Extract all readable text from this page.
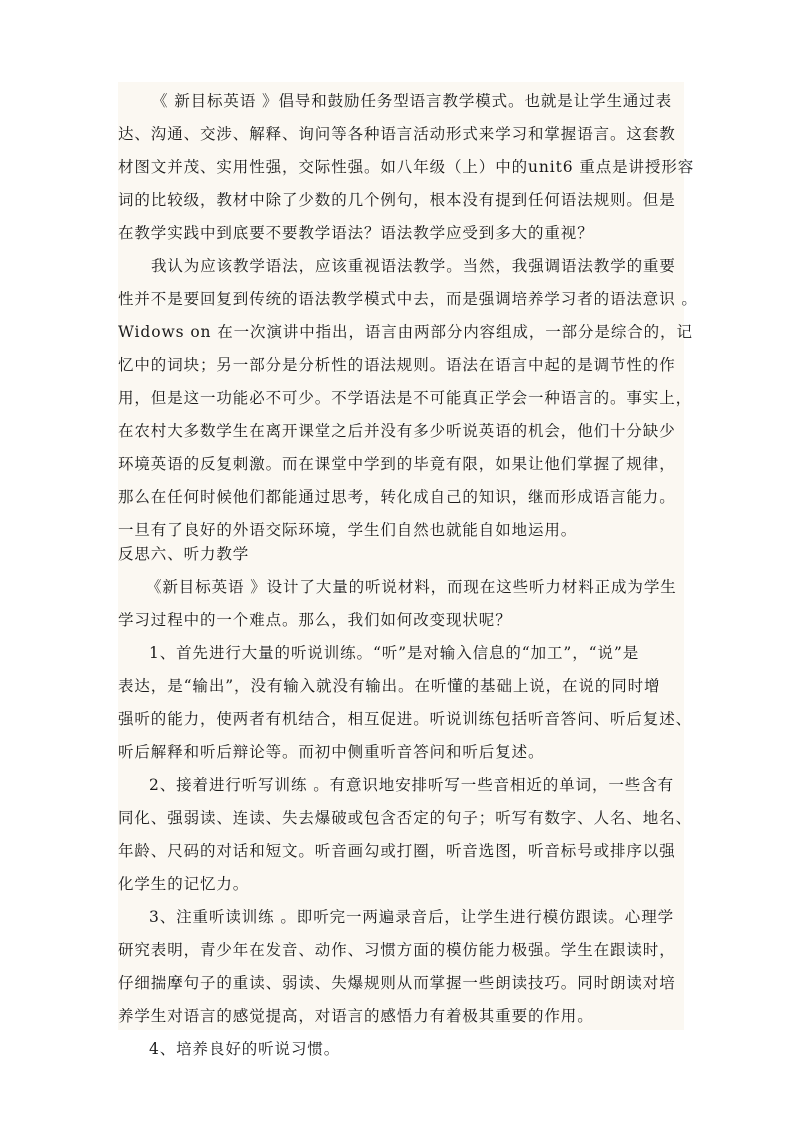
《 新目标英语 》倡导和鼓励任务型语言教学模式。也就是让学生通过表
达、沟通、交涉、解释、询问等各种语言活动形式来学习和掌握语言。这套教
材图文并茂、实用性强，交际性强。如八年级（上）中的unit6 重点是讲授形容
词的比较级，教材中除了少数的几个例句，根本没有提到任何语法规则。但是
在教学实践中到底要不要教学语法？语法教学应受到多大的重视？
我认为应该教学语法，应该重视语法教学。当然，我强调语法教学的重要
性并不是要回复到传统的语法教学模式中去，而是强调培养学习者的语法意识 。
Widows on 在一次演讲中指出，语言由两部分内容组成，一部分是综合的，记
忆中的词块；另一部分是分析性的语法规则。语法在语言中起的是调节性的作
用，但是这一功能必不可少。不学语法是不可能真正学会一种语言的。事实上，
在农村大多数学生在离开课堂之后并没有多少听说英语的机会，他们十分缺少
环境英语的反复刺激。而在课堂中学到的毕竟有限，如果让他们掌握了规律，
那么在任何时候他们都能通过思考，转化成自己的知识，继而形成语言能力。
一旦有了良好的外语交际环境，学生们自然也就能自如地运用。
反思六、听力教学
《新目标英语 》设计了大量的听说材料，而现在这些听力材料正成为学生
学习过程中的一个难点。那么，我们如何改变现状呢？
1、首先进行大量的听说训练。“听”是对输入信息的“加工”，“说”是
表达，是“输出”，没有输入就没有输出。在听懂的基础上说，在说的同时增
强听的能力，使两者有机结合，相互促进。听说训练包括听音答问、听后复述、
听后解释和听后辩论等。而初中侧重听音答问和听后复述。
2、接着进行听写训练 。有意识地安排听写一些音相近的单词，一些含有
同化、强弱读、连读、失去爆破或包含否定的句子；听写有数字、人名、地名、
年龄、尺码的对话和短文。听音画勾或打圈，听音选图，听音标号或排序以强
化学生的记忆力。
3、注重听读训练 。即听完一两遍录音后，让学生进行模仿跟读。心理学
研究表明，青少年在发音、动作、习惯方面的模仿能力极强。学生在跟读时，
仔细揣摩句子的重读、弱读、失爆规则从而掌握一些朗读技巧。同时朗读对培
养学生对语言的感觉提高，对语言的感悟力有着极其重要的作用。
4、培养良好的听说习惯。
